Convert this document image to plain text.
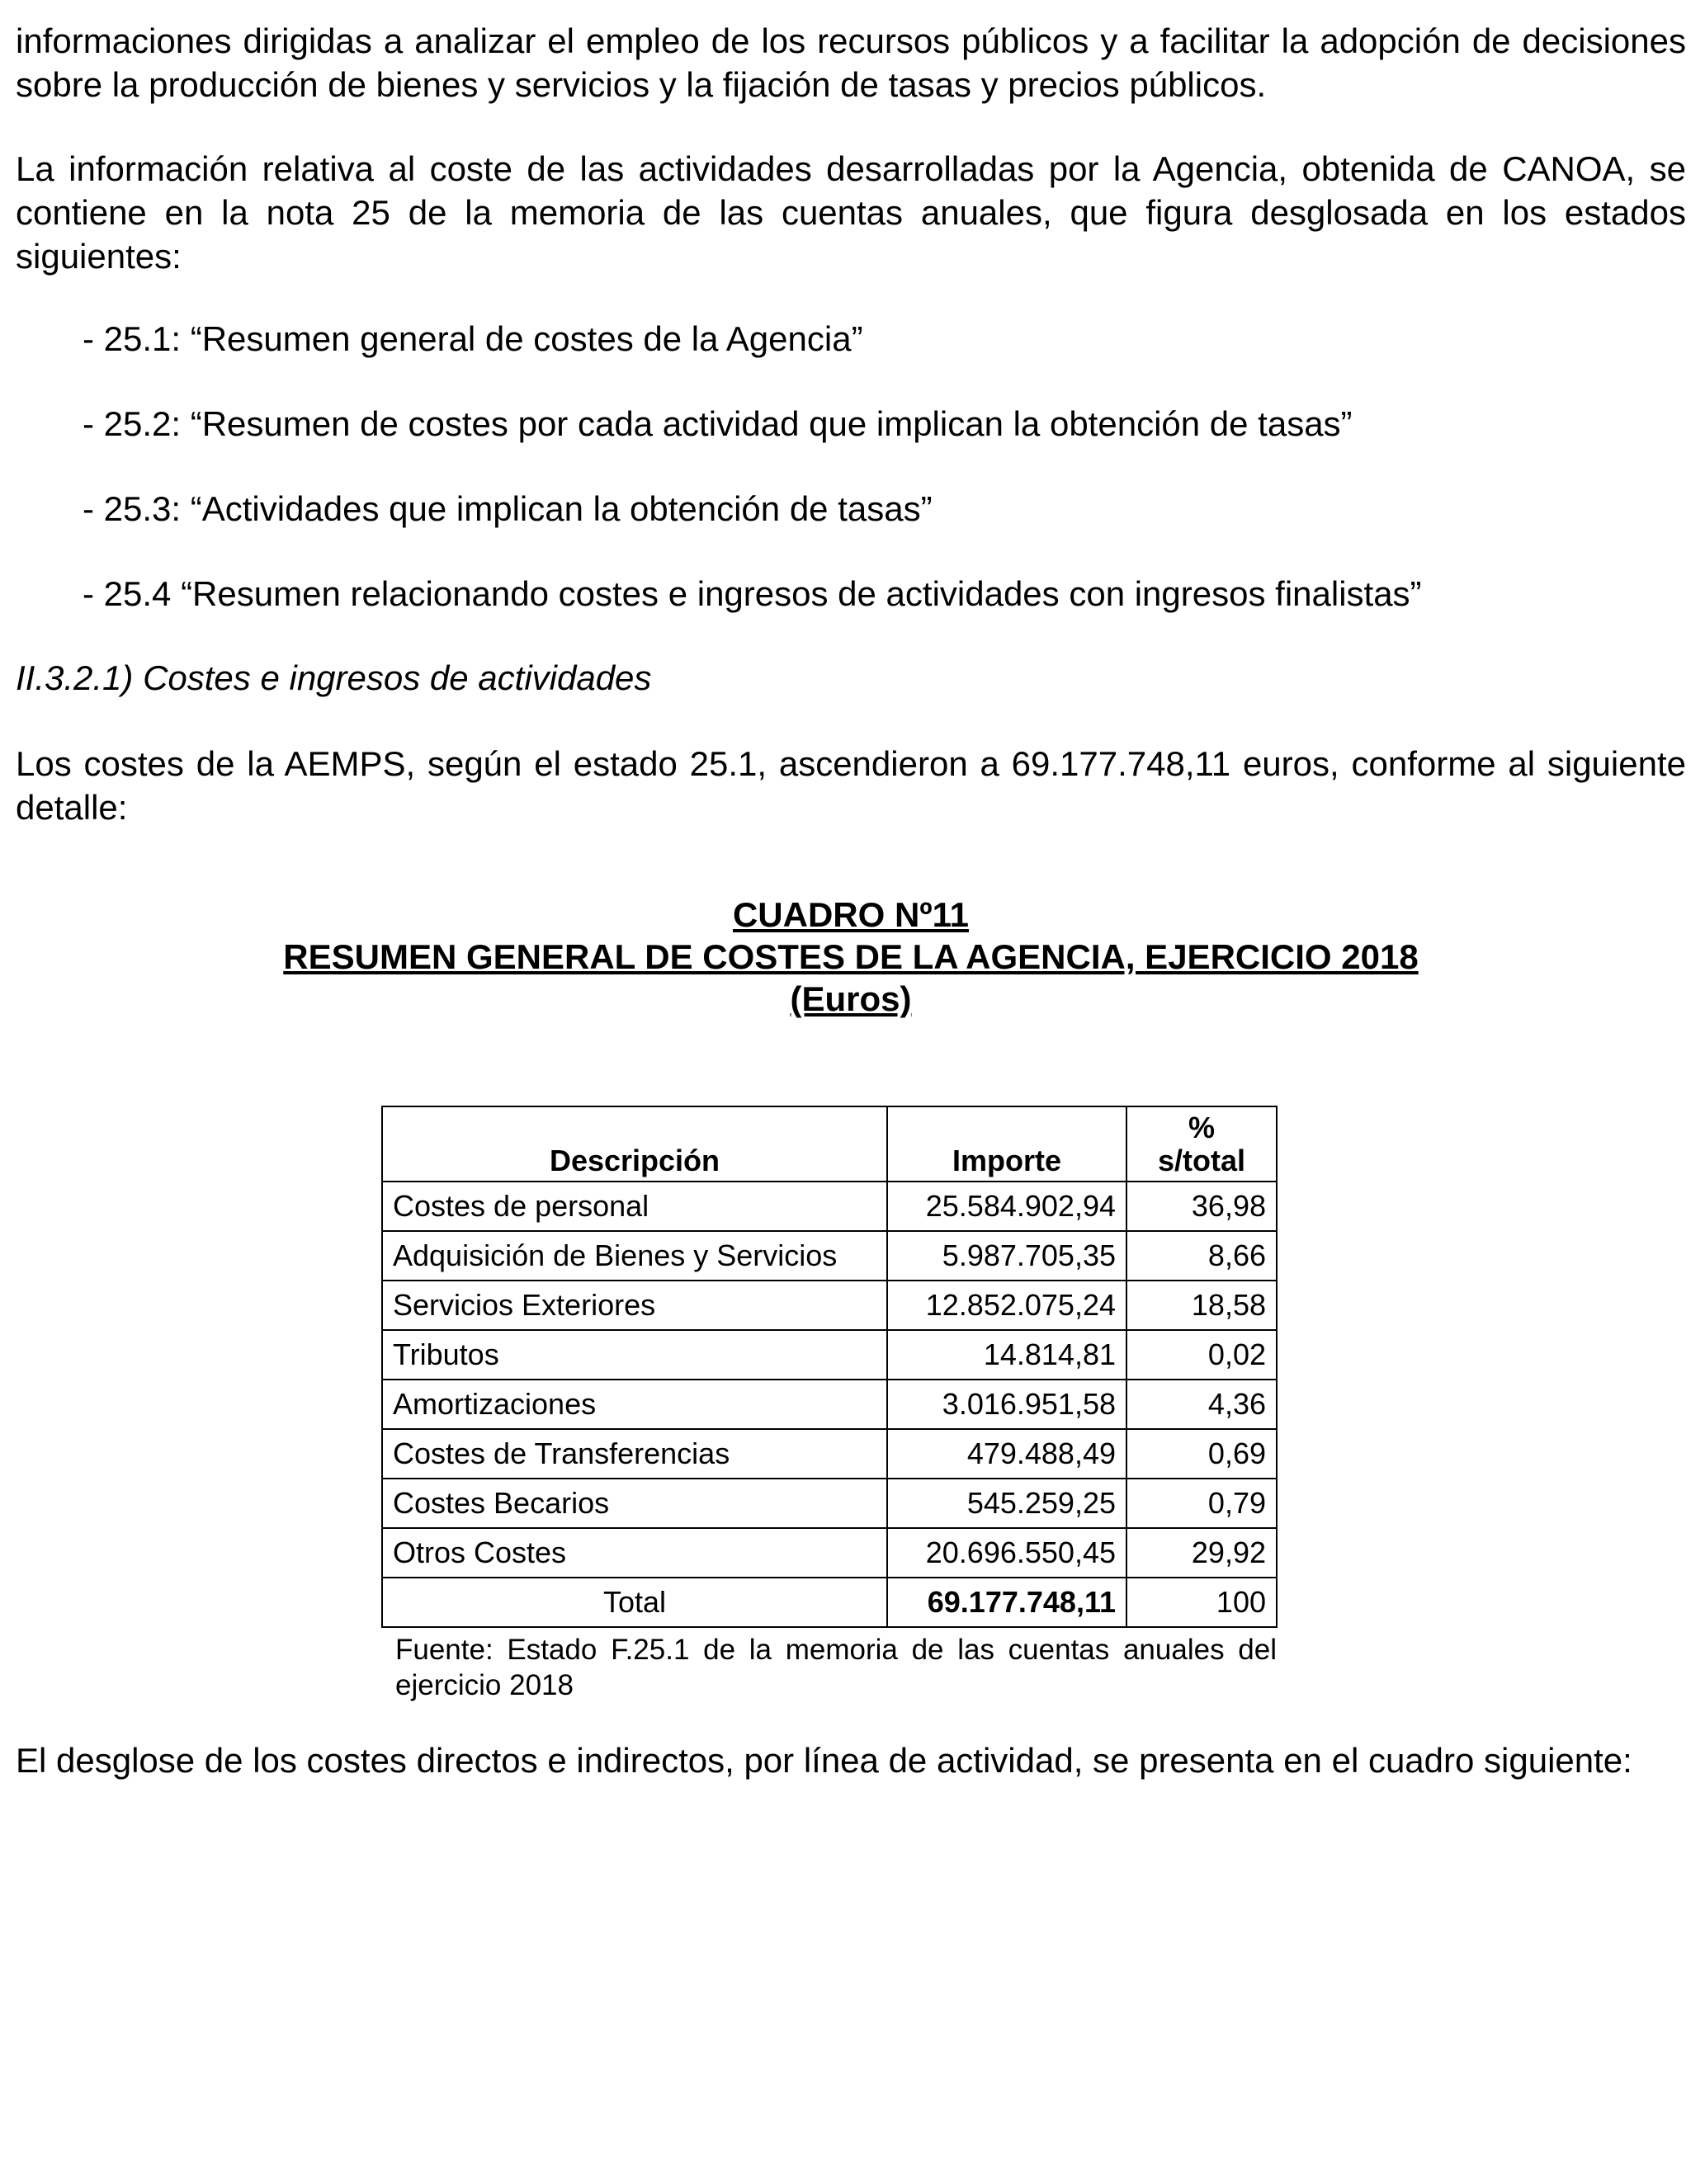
informaciones dirigidas a analizar el empleo de los recursos públicos y a facilitar la adopción de decisiones sobre la producción de bienes y servicios y la fijación de tasas y precios públicos.

La información relativa al coste de las actividades desarrolladas por la Agencia, obtenida de CANOA, se contiene en la nota 25 de la memoria de las cuentas anuales, que figura desglosada en los estados siguientes:

- 25.1: “Resumen general de costes de la Agencia”
- 25.2: “Resumen de costes por cada actividad que implican la obtención de tasas”
- 25.3: “Actividades que implican la obtención de tasas”
- 25.4 “Resumen relacionando costes e ingresos de actividades con ingresos finalistas”
II.3.2.1) Costes e ingresos de actividades

Los costes de la AEMPS, según el estado 25.1, ascendieron a 69.177.748,11 euros, conforme al siguiente detalle:

CUADRO Nº11
RESUMEN GENERAL DE COSTES DE LA AGENCIA, EJERCICIO 2018
(Euros)
Descripción	Importe	%
s/total
Costes de personal	25.584.902,94	36,98
Adquisición de Bienes y Servicios	5.987.705,35	8,66
Servicios Exteriores	12.852.075,24	18,58
Tributos	14.814,81	0,02
Amortizaciones	3.016.951,58	4,36
Costes de Transferencias	479.488,49	0,69
Costes Becarios	545.259,25	0,79
Otros Costes	20.696.550,45	29,92
Total	69.177.748,11	100
Fuente: Estado F.25.1 de la memoria de las cuentas anuales del ejercicio 2018

El desglose de los costes directos e indirectos, por línea de actividad, se presenta en el cuadro siguiente:
